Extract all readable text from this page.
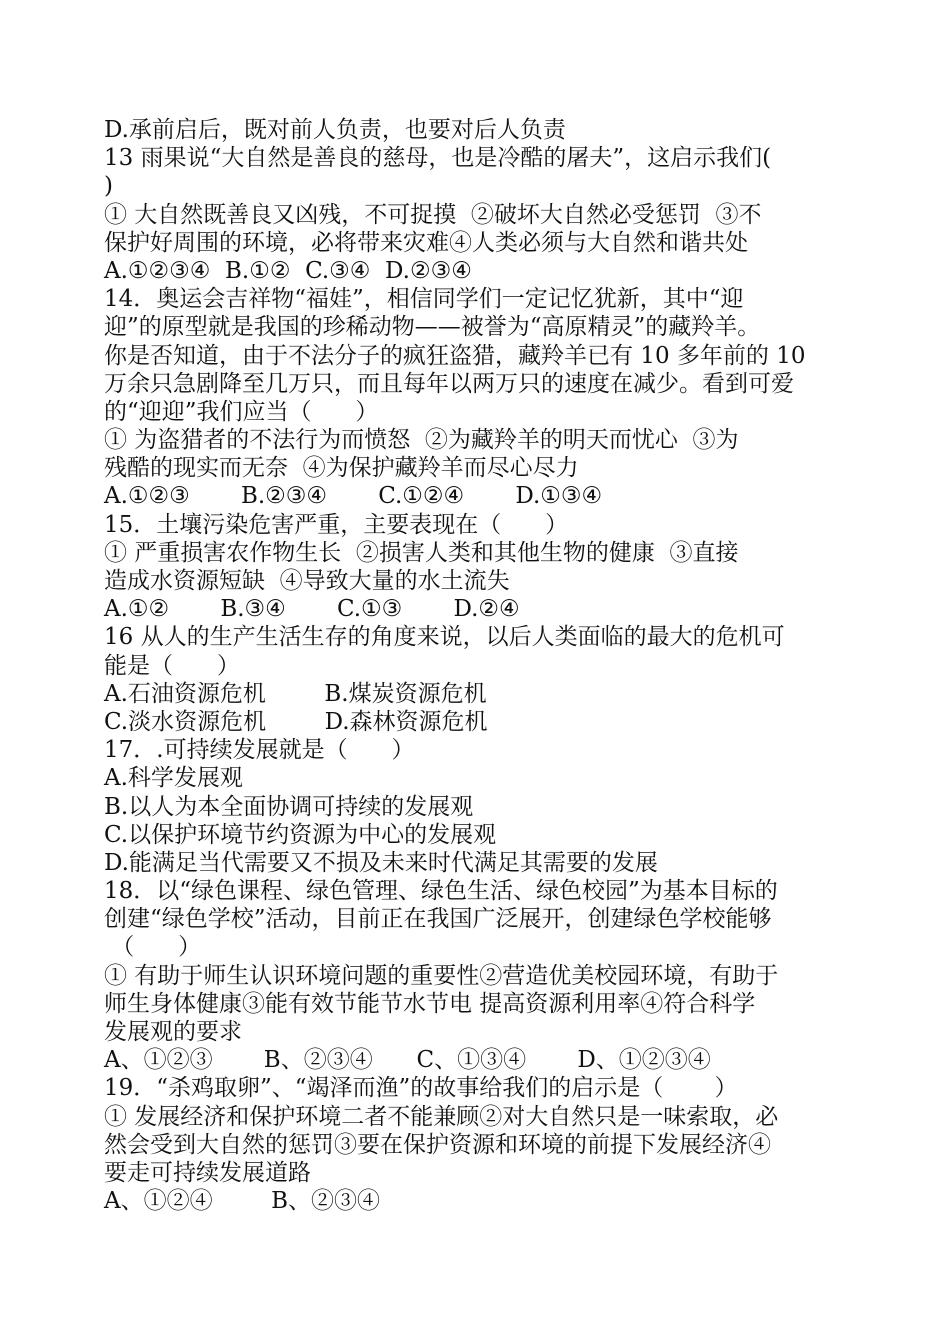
D.承前启后，既对前人负责，也要对后人负责
13 雨果说“大自然是善良的慈母，也是冷酷的屠夫”，这启示我们(
)
① 大自然既善良又凶残，不可捉摸  ②破坏大自然必受惩罚  ③不
保护好周围的环境，必将带来灾难④人类必须与大自然和谐共处
A.①②③④  B.①②  C.③④  D.②③④
14．奥运会吉祥物“福娃”，相信同学们一定记忆犹新，其中“迎
迎”的原型就是我国的珍稀动物——被誉为“高原精灵”的藏羚羊。
你是否知道，由于不法分子的疯狂盗猎，藏羚羊已有 10 多年前的 10
万余只急剧降至几万只，而且每年以两万只的速度在减少。看到可爱
的“迎迎”我们应当（      ）
① 为盗猎者的不法行为而愤怒  ②为藏羚羊的明天而忧心  ③为
残酷的现实而无奈  ④为保护藏羚羊而尽心尽力
A.①②③       B.②③④       C.①②④       D.①③④
15．土壤污染危害严重，主要表现在（      ）
① 严重损害农作物生长  ②损害人类和其他生物的健康  ③直接
造成水资源短缺  ④导致大量的水土流失
A.①②       B.③④       C.①③       D.②④
16 从人的生产生活生存的角度来说，以后人类面临的最大的危机可
能是（      ）
A.石油资源危机        B.煤炭资源危机
C.淡水资源危机        D.森林资源危机
17．.可持续发展就是（      ）
A.科学发展观
B.以人为本全面协调可持续的发展观
C.以保护环境节约资源为中心的发展观
D.能满足当代需要又不损及未来时代满足其需要的发展
18．以“绿色课程、绿色管理、绿色生活、绿色校园”为基本目标的
创建“绿色学校”活动，目前正在我国广泛展开，创建绿色学校能够
（      ）
① 有助于师生认识环境问题的重要性②营造优美校园环境，有助于
师生身体健康③能有效节能节水节电 提高资源利用率④符合科学
发展观的要求
A、①②③       B、②③④      C、①③④       D、①②③④
19．“杀鸡取卵”、“竭泽而渔”的故事给我们的启示是（       ）
① 发展经济和保护环境二者不能兼顾②对大自然只是一味索取，必
然会受到大自然的惩罚③要在保护资源和环境的前提下发展经济④
要走可持续发展道路
A、①②④        B、②③④
